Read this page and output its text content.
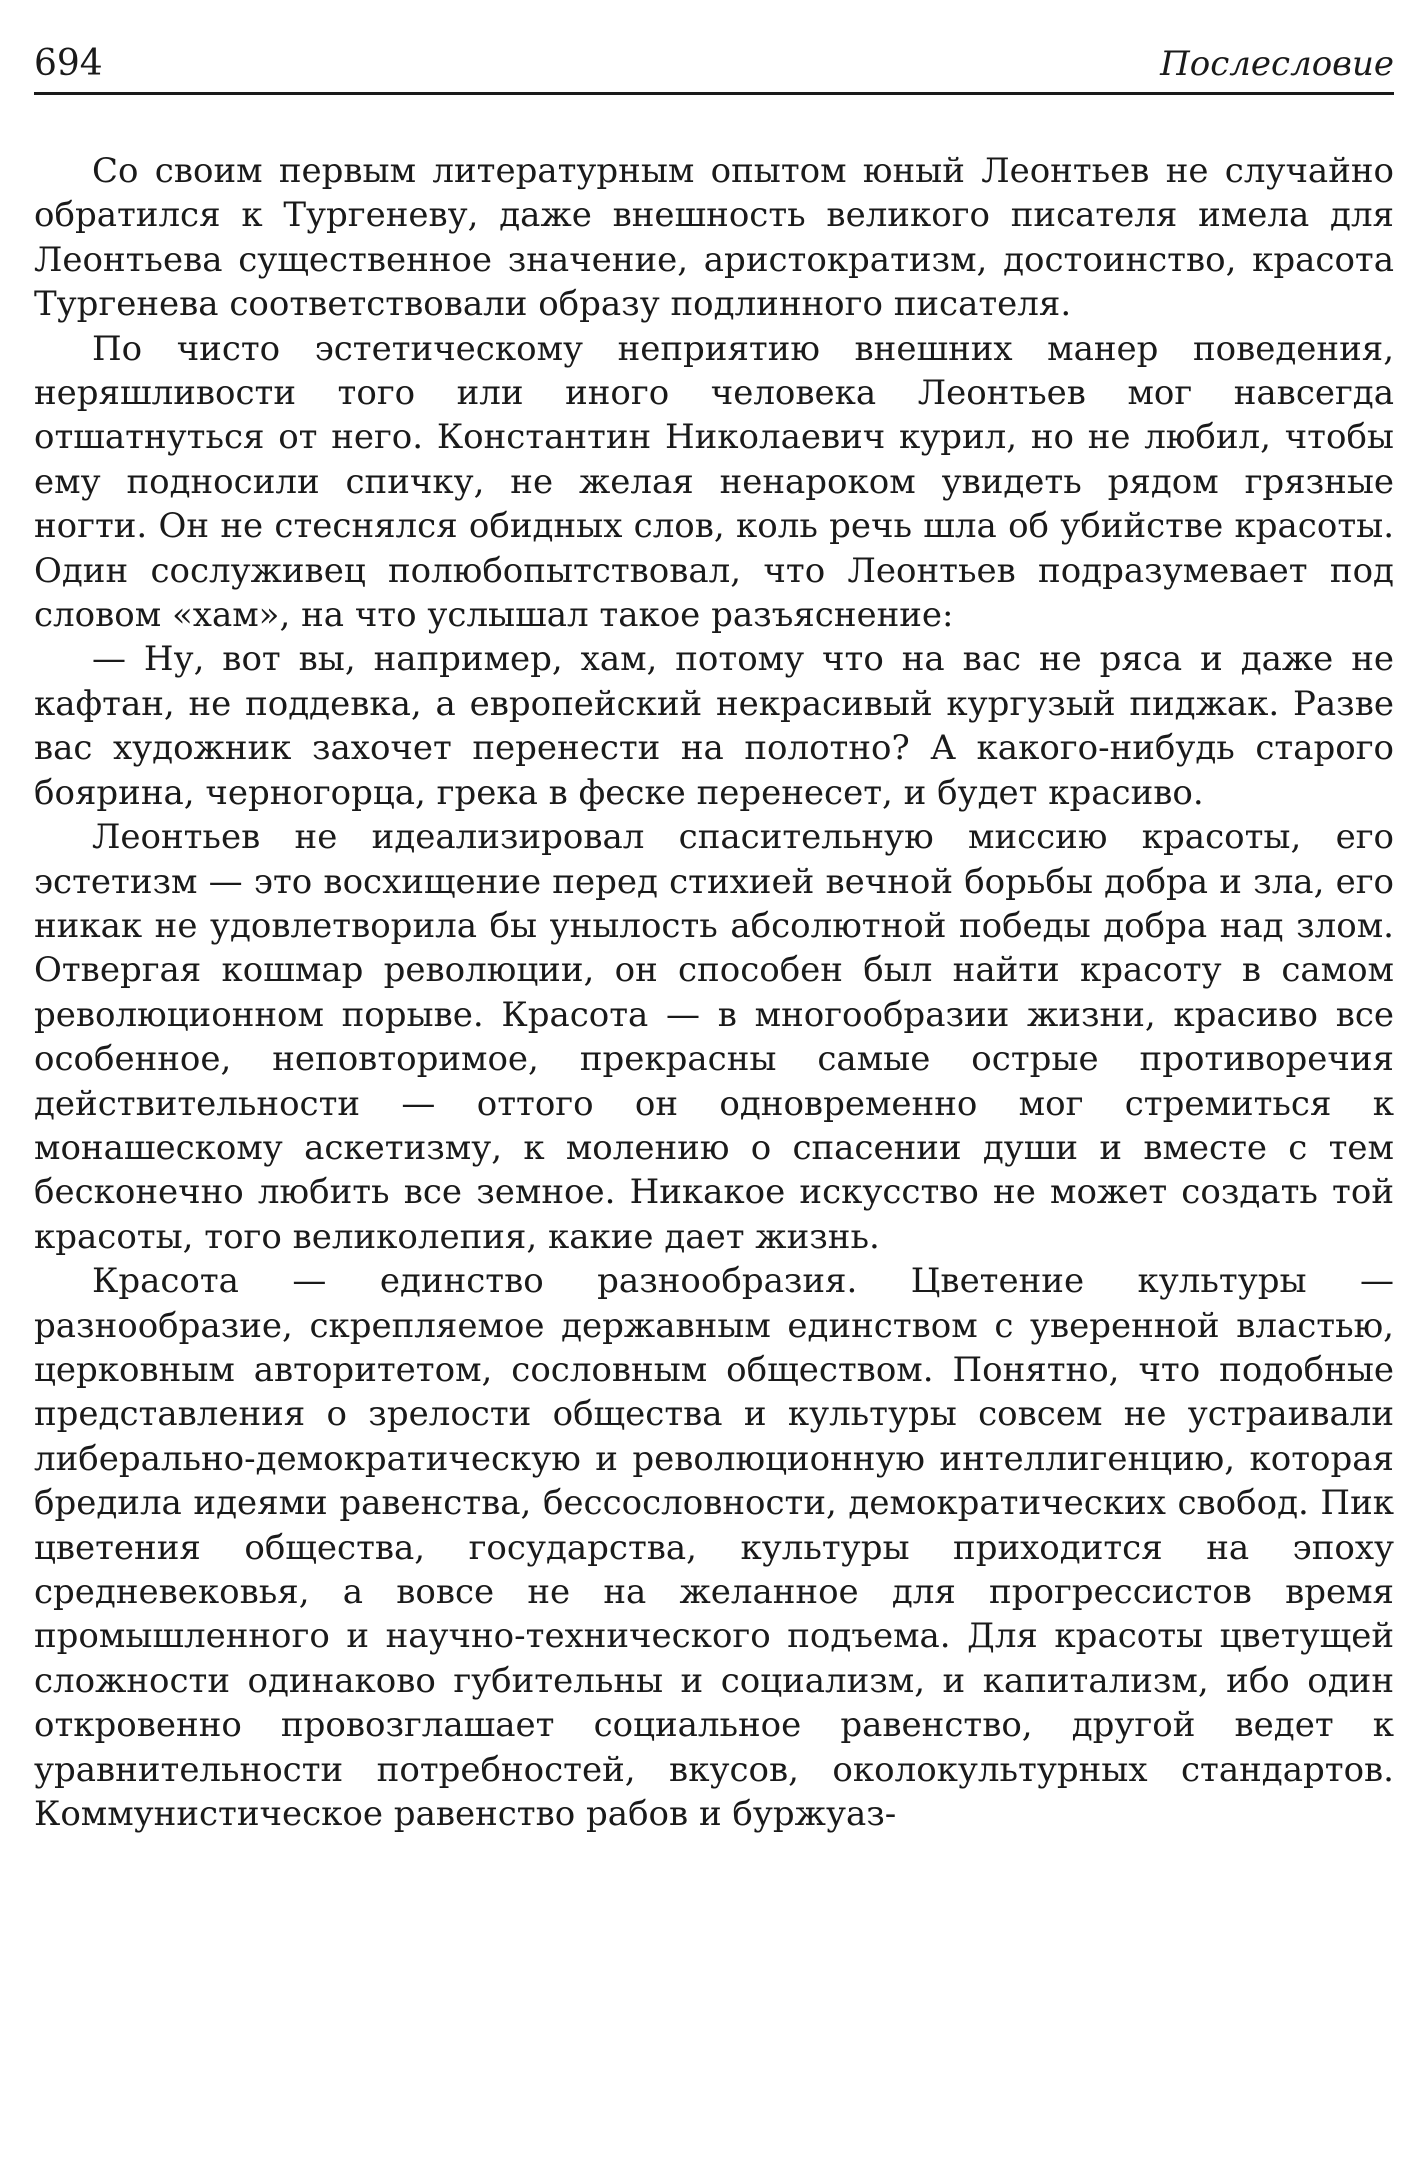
694	Послесловие

Со своим первым литературным опытом юный Леонтьев не случайно обратился к Тургеневу, даже внешность великого писателя имела для Леонтьева существенное значение, аристократизм, достоинство, красота Тургенева соответствовали образу подлинного писателя.

По чисто эстетическому неприятию внешних манер поведения, неряшливости того или иного человека Леонтьев мог навсегда отшатнуться от него. Константин Николаевич курил, но не любил, чтобы ему подносили спичку, не желая ненароком увидеть рядом грязные ногти. Он не стеснялся обидных слов, коль речь шла об убийстве красоты. Один сослуживец полюбопытствовал, что Леонтьев подразумевает под словом «хам», на что услышал такое разъяснение:

— Ну, вот вы, например, хам, потому что на вас не ряса и даже не кафтан, не поддевка, а европейский некрасивый кургузый пиджак. Разве вас художник захочет перенести на полотно? А какого-нибудь старого боярина, черногорца, грека в феске перенесет, и будет красиво.

Леонтьев не идеализировал спасительную миссию красоты, его эстетизм — это восхищение перед стихией вечной борьбы добра и зла, его никак не удовлетворила бы унылость абсолютной победы добра над злом. Отвергая кошмар революции, он способен был найти красоту в самом революционном порыве. Красота — в многообразии жизни, красиво все особенное, неповторимое, прекрасны самые острые противоречия действительности — оттого он одновременно мог стремиться к монашескому аскетизму, к молению о спасении души и вместе с тем бесконечно любить все земное. Никакое искусство не может создать той красоты, того великолепия, какие дает жизнь.

Красота — единство разнообразия. Цветение культуры — разнообразие, скрепляемое державным единством с уверенной властью, церковным авторитетом, сословным обществом. Понятно, что подобные представления о зрелости общества и культуры совсем не устраивали либерально-демократическую и революционную интеллигенцию, которая бредила идеями равенства, бессословности, демократических свобод. Пик цветения общества, государства, культуры приходится на эпоху средневековья, а вовсе не на желанное для прогрессистов время промышленного и научно-технического подъема. Для красоты цветущей сложности одинаково губительны и социализм, и капитализм, ибо один откровенно провозглашает социальное равенство, другой ведет к уравнительности потребностей, вкусов, околокультурных стандартов. Коммунистическое равенство рабов и буржуаз-
